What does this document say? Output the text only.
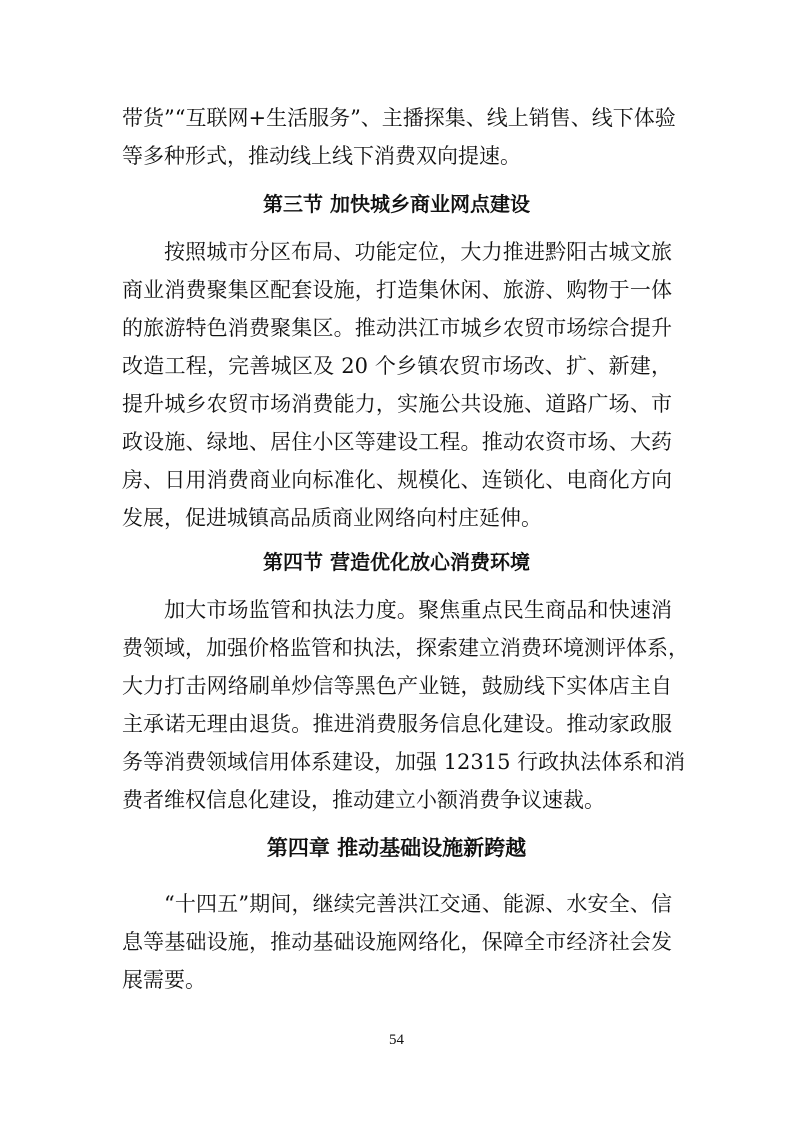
带货”“互联网+生活服务”、主播探集、线上销售、线下体验
等多种形式，推动线上线下消费双向提速。
第三节 加快城乡商业网点建设
按照城市分区布局、功能定位，大力推进黔阳古城文旅
商业消费聚集区配套设施，打造集休闲、旅游、购物于一体
的旅游特色消费聚集区。推动洪江市城乡农贸市场综合提升
改造工程，完善城区及 20 个乡镇农贸市场改、扩、新建，
提升城乡农贸市场消费能力，实施公共设施、道路广场、市
政设施、绿地、居住小区等建设工程。推动农资市场、大药
房、日用消费商业向标准化、规模化、连锁化、电商化方向
发展，促进城镇高品质商业网络向村庄延伸。
第四节 营造优化放心消费环境
加大市场监管和执法力度。聚焦重点民生商品和快速消
费领域，加强价格监管和执法，探索建立消费环境测评体系，
大力打击网络刷单炒信等黑色产业链，鼓励线下实体店主自
主承诺无理由退货。推进消费服务信息化建设。推动家政服
务等消费领域信用体系建设，加强 12315 行政执法体系和消
费者维权信息化建设，推动建立小额消费争议速裁。
第四章 推动基础设施新跨越
“十四五”期间，继续完善洪江交通、能源、水安全、信
息等基础设施，推动基础设施网络化，保障全市经济社会发
展需要。
54
